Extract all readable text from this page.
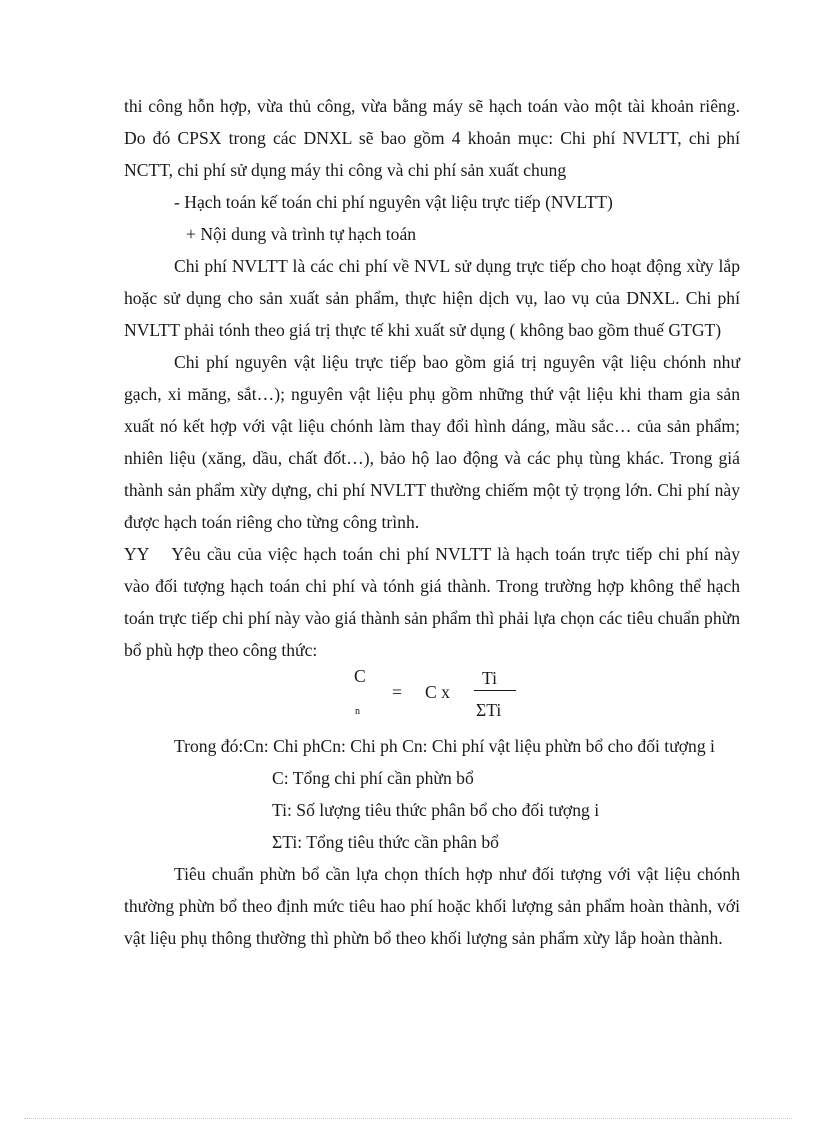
thi công hỗn hợp, vừa thủ công, vừa bằng máy sẽ hạch toán vào một tài khoản riêng. Do đó CPSX trong các DNXL sẽ bao gồm 4 khoản mục: Chi phí NVLTT, chi phí NCTT, chi phí sử dụng máy thi công và chi phí sản xuất chung

- Hạch toán kế toán chi phí nguyên vật liệu trực tiếp (NVLTT)

+ Nội dung và trình tự hạch toán

Chi phí NVLTT là các chi phí về NVL sử dụng trực tiếp cho hoạt động xừy lắp hoặc sử dụng cho sản xuất sản phẩm, thực hiện dịch vụ, lao vụ của DNXL. Chi phí NVLTT phải tónh theo giá trị thực tế khi xuất sử dụng ( không bao gồm thuế GTGT)

Chi phí nguyên vật liệu trực tiếp bao gồm giá trị nguyên vật liệu chónh như gạch, xi măng, sắt…); nguyên vật liệu phụ gồm những thứ vật liệu khi tham gia sản xuất nó kết hợp với vật liệu chónh làm thay đổi hình dáng, mầu sắc… của sản phẩm; nhiên liệu (xăng, dầu, chất đốt…), bảo hộ lao động và các phụ tùng khác. Trong giá thành sản phẩm xừy dựng, chi phí NVLTT thường chiếm một tỷ trọng lớn. Chi phí này được hạch toán riêng cho từng công trình.

YY Yêu cầu của việc hạch toán chi phí NVLTT là hạch toán trực tiếp chi phí này vào đối tượng hạch toán chi phí và tónh giá thành. Trong trường hợp không thể hạch toán trực tiếp chi phí này vào giá thành sản phẩm thì phải lựa chọn các tiêu chuẩn phừn bổ phù hợp theo công thức:

C
n
= C x
Ti
ΣTi

Trong đó:Cn: Chi phCn: Chi ph Cn: Chi phí vật liệu phừn bổ cho đối tượng i

C: Tổng chi phí cần phừn bổ

Ti: Số lượng tiêu thức phân bổ cho đối tượng i

ΣTi: Tổng tiêu thức cần phân bổ

Tiêu chuẩn phừn bổ cần lựa chọn thích hợp như đối tượng với vật liệu chónh thường phừn bổ theo định mức tiêu hao phí hoặc khối lượng sản phẩm hoàn thành, với vật liệu phụ thông thường thì phừn bổ theo khối lượng sản phẩm xừy lắp hoàn thành.
